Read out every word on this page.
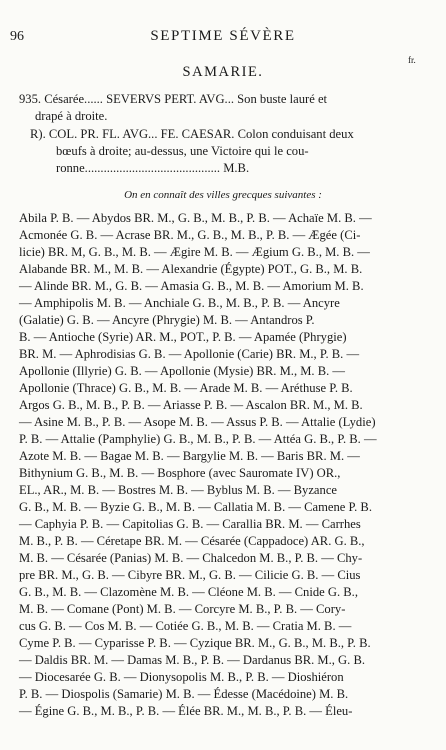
96	SEPTIME SÉVÈRE
fr.
SAMARIE.

935. Césarée...... SEVERVS PERT. AVG... Son buste lauré et

drapé à droite.

R). COL. PR. FL. AVG... FE. CAESAR. Colon conduisant deux

bœufs à droite; au-dessus, une Victoire qui le cou-

ronne........................................... M.B.

On en connaît des villes grecques suivantes :

Abila P. B. — Abydos BR. M., G. B., M. B., P. B. — Achaïe M. B. —

Acmonée G. B. — Acrase BR. M., G. B., M. B., P. B. — Ægée (Ci-

licie) BR. M, G. B., M. B. — Ægire M. B. — Ægium G. B., M. B. —

Alabande BR. M., M. B. — Alexandrie (Égypte) POT., G. B., M. B.

— Alinde BR. M., G. B. — Amasia G. B., M. B. — Amorium M. B.

— Amphipolis M. B. — Anchiale G. B., M. B., P. B. — Ancyre

(Galatie) G. B. — Ancyre (Phrygie) M. B. — Antandros P.

B. — Antioche (Syrie) AR. M., POT., P. B. — Apamée (Phrygie)

BR. M. — Aphrodisias G. B. — Apollonie (Carie) BR. M., P. B. —

Apollonie (Illyrie) G. B. — Apollonie (Mysie) BR. M., M. B. —

Apollonie (Thrace) G. B., M. B. — Arade M. B. — Aréthuse P. B.

Argos G. B., M. B., P. B. — Ariasse P. B. — Ascalon BR. M., M. B.

— Asine M. B., P. B. — Asope M. B. — Assus P. B. — Attalie (Lydie)

P. B. — Attalie (Pamphylie) G. B., M. B., P. B. — Attéa G. B., P. B. —

Azote M. B. — Bagae M. B. — Bargylie M. B. — Baris BR. M. —

Bithynium G. B., M. B. — Bosphore (avec Sauromate IV) OR.,

EL., AR., M. B. — Bostres M. B. — Byblus M. B. — Byzance

G. B., M. B. — Byzie G. B., M. B. — Callatia M. B. — Camene P. B.

— Caphyia P. B. — Capitolias G. B. — Carallia BR. M. — Carrhes

M. B., P. B. — Céretape BR. M. — Césarée (Cappadoce) AR. G. B.,

M. B. — Césarée (Panias) M. B. — Chalcedon M. B., P. B. — Chy-

pre BR. M., G. B. — Cibyre BR. M., G. B. — Cilicie G. B. — Cius

G. B., M. B. — Clazomène M. B. — Cléone M. B. — Cnide G. B.,

M. B. — Comane (Pont) M. B. — Corcyre M. B., P. B. — Cory-

cus G. B. — Cos M. B. — Cotiée G. B., M. B. — Cratia M. B. —

Cyme P. B. — Cyparisse P. B. — Cyzique BR. M., G. B., M. B., P. B.

— Daldis BR. M. — Damas M. B., P. B. — Dardanus BR. M., G. B.

— Diocesarée G. B. — Dionysopolis M. B., P. B. — Dioshiéron

P. B. — Diospolis (Samarie) M. B. — Édesse (Macédoine) M. B.

— Égine G. B., M. B., P. B. — Élée BR. M., M. B., P. B. — Éleu-
